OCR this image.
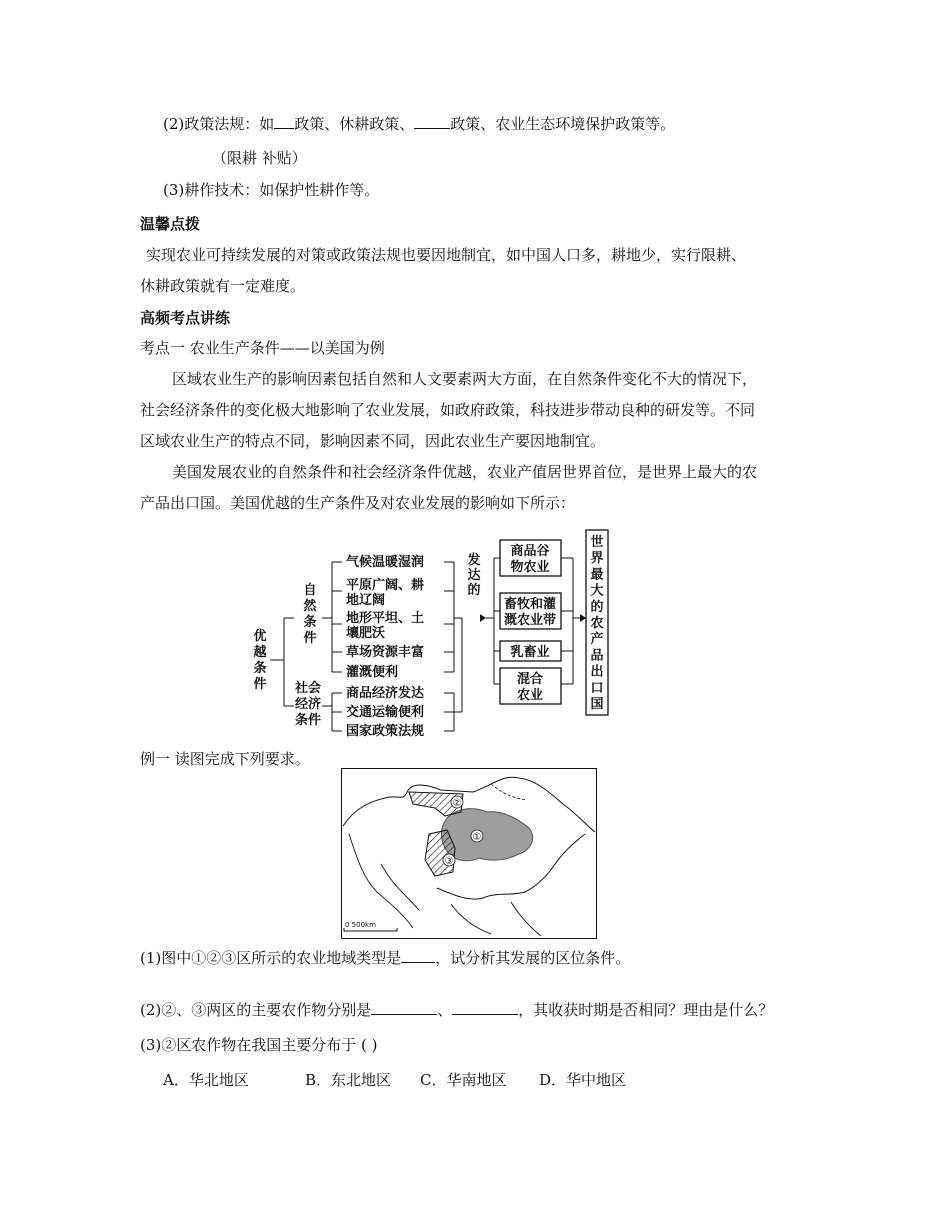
(2)政策法规：如 政策、休耕政策、 政策、农业生态环境保护政策等。
（限耕 补贴）
(3)耕作技术：如保护性耕作等。
温馨点拨
实现农业可持续发展的对策或政策法规也要因地制宜，如中国人口多，耕地少，实行限耕、
休耕政策就有一定难度。
高频考点讲练
考点一 农业生产条件——以美国为例
区域农业生产的影响因素包括自然和人文要素两大方面，在自然条件变化不大的情况下，
社会经济条件的变化极大地影响了农业发展，如政府政策，科技进步带动良种的研发等。不同
区域农业生产的特点不同，影响因素不同，因此农业生产要因地制宜。
美国发展农业的自然条件和社会经济条件优越，农业产值居世界首位，是世界上最大的农
产品出口国。美国优越的生产条件及对农业发展的影响如下所示：
优
越
条
件
自
然
条
件
社会
经济
条件
气候温暖湿润
平原广阔、耕
地辽阔
地形平坦、土
壤肥沃
草场资源丰富
灌溉便利
商品经济发达
交通运输便利
国家政策法规
发
达
的
商品谷
物农业
畜牧和灌
溉农业带
乳畜业
混合
农业
世
界
最
大
的
农
产
品
出
口
国
例一 读图完成下列要求。
①
②
③
0 500km
(1)图中①②③区所示的农业地域类型是 ，试分析其发展的区位条件。
(2)②、③两区的主要农作物分别是	、	，其收获时期是否相同？理由是什么？
(3)②区农作物在我国主要分布于 ( )
A．华北地区	B．东北地区 C．华南地区 D．华中地区
